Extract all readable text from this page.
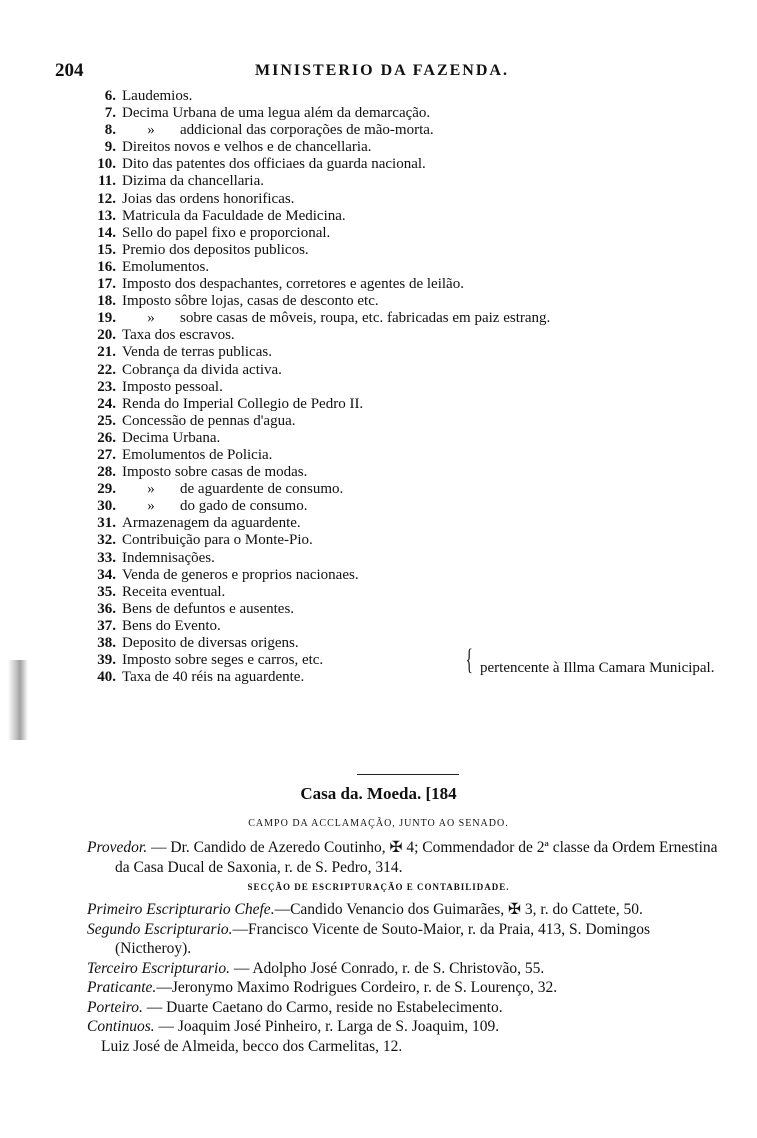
204	MINISTERIO DA FAZENDA.
6. Laudemios.
7. Decima Urbana de uma legua além da demarcação.
8. » addicional das corporações de mão-morta.
9. Direitos novos e velhos e de chancellaria.
10. Dito das patentes dos officiaes da guarda nacional.
11. Dizima da chancellaria.
12. Joias das ordens honorificas.
13. Matricula da Faculdade de Medicina.
14. Sello do papel fixo e proporcional.
15. Premio dos depositos publicos.
16. Emolumentos.
17. Imposto dos despachantes, corretores e agentes de leilão.
18. Imposto sôbre lojas, casas de desconto etc.
19. » sobre casas de môveis, roupa, etc. fabricadas em paiz estrang.
20. Taxa dos escravos.
21. Venda de terras publicas.
22. Cobrança da divida activa.
23. Imposto pessoal.
24. Renda do Imperial Collegio de Pedro II.
25. Concessão de pennas d'agua.
26. Decima Urbana.
27. Emolumentos de Policia.
28. Imposto sobre casas de modas.
29. » de aguardente de consumo.
30. » do gado de consumo.
31. Armazenagem da aguardente.
32. Contribuição para o Monte-Pio.
33. Indemnisações.
34. Venda de generos e proprios nacionaes.
35. Receita eventual.
36. Bens de defuntos e ausentes.
37. Bens do Evento.
38. Deposito de diversas origens.
39. Imposto sobre seges e carros, etc.	{ pertencente à Illma Camara Municipal.
40. Taxa de 40 réis na aguardente.
Casa da. Moeda. [184
CAMPO DA ACCLAMAÇÃO, JUNTO AO SENADO.
Provedor. — Dr. Candido de Azeredo Coutinho, ✠ 4; Commendador de 2ª classe da Ordem Ernestina da Casa Ducal de Saxonia, r. de S. Pedro, 314.
SECÇÃO DE ESCRIPTURAÇÃO E CONTABILIDADE.
Primeiro Escripturario Chefe.—Candido Venancio dos Guimarães, ✠ 3, r. do Cattete, 50.
Segundo Escripturario.—Francisco Vicente de Souto-Maior, r. da Praia, 413, S. Domingos (Nictheroy).
Terceiro Escripturario. — Adolpho José Conrado, r. de S. Christovão, 55.
Praticante.—Jeronymo Maximo Rodrigues Cordeiro, r. de S. Lourenço, 32.
Porteiro. — Duarte Caetano do Carmo, reside no Estabelecimento.
Continuos. — Joaquim José Pinheiro, r. Larga de S. Joaquim, 109.
Luiz José de Almeida, becco dos Carmelitas, 12.
